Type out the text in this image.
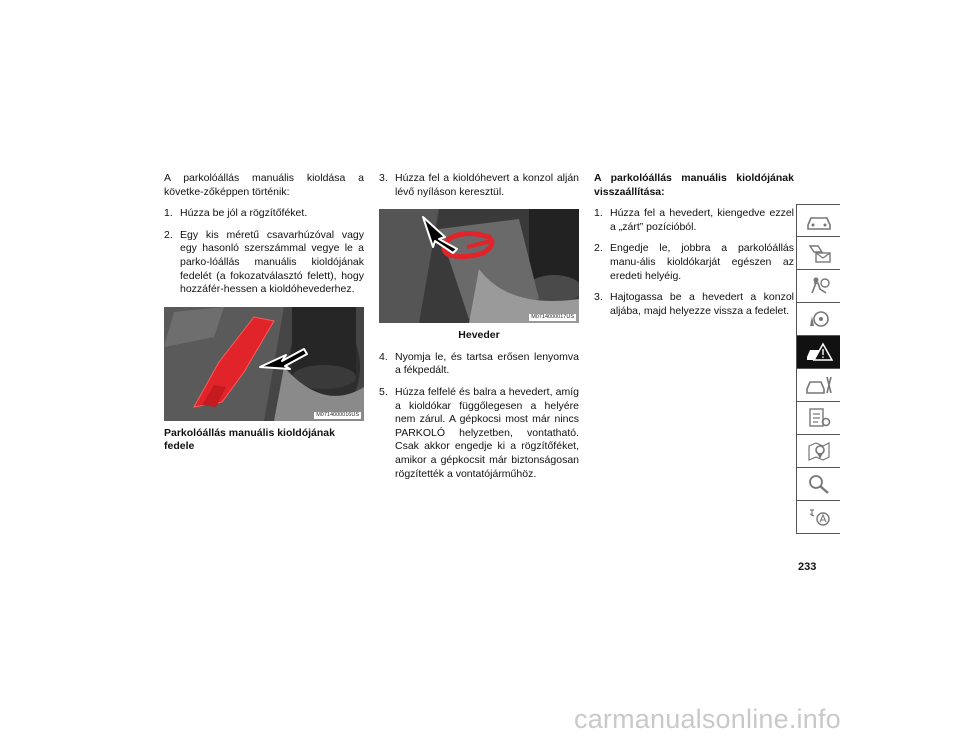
A parkolóállás manuális kioldása a követke-zőképpen történik:

1. Húzza be jól a rögzítőféket.
2. Egy kis méretű csavarhúzóval vagy egy hasonló szerszámmal vegye le a parko-lóállás manuális kioldójának fedelét (a fokozatválasztó felett), hogy hozzáfér-hessen a kioldóhevederhez.
M0714000016US
Parkolóállás manuális kioldójának fedele
3. Húzza fel a kioldóhevert a konzol alján lévő nyíláson keresztül.
M0714000017US
Heveder
4. Nyomja le, és tartsa erősen lenyomva a fékpedált.
5. Húzza felfelé és balra a hevedert, amíg a kioldókar függőlegesen a helyére nem zárul. A gépkocsi most már nincs PARKOLÓ helyzetben, vontatható. Csak akkor engedje ki a rögzítőféket, amikor a gépkocsit már biztonságosan rögzítették a vontatójárműhöz.
A parkolóállás manuális kioldójának visszaállítása:
1. Húzza fel a hevedert, kiengedve ezzel a „zárt” pozícióból.
2. Engedje le, jobbra a parkolóállás manu-ális kioldókarját egészen az eredeti helyéig.
3. Hajtogassa be a hevedert a konzol aljába, majd helyezze vissza a fedelet.
233
carmanualsonline.info
